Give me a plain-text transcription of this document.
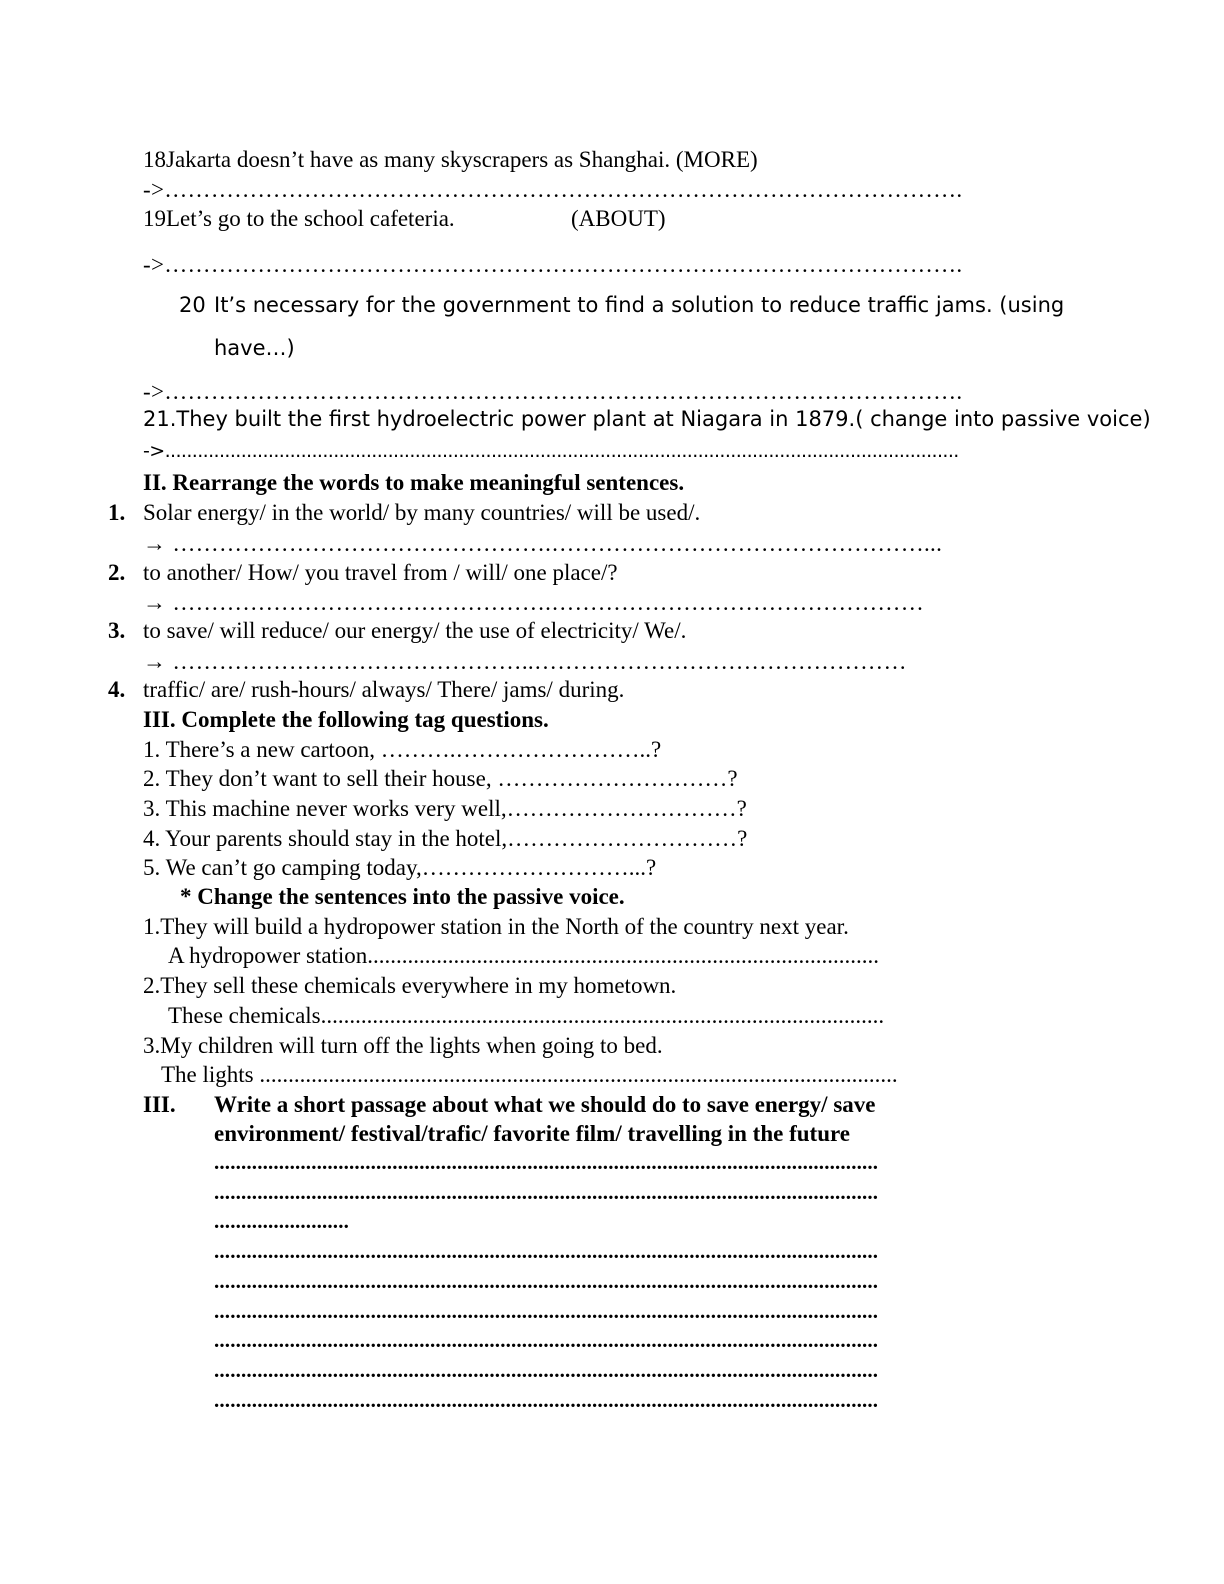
18Jakarta doesn’t have as many skyscrapers as Shanghai. (MORE)
->………………………………………………………………………………………….
19Let’s go to the school cafeteria.	(ABOUT)
->………………………………………………………………………………………….
20 It’s necessary for the government to find a solution to reduce traffic jams. (using
have…)
->………………………………………………………………………………………….
21.They built the first hydroelectric power plant at Niagara in 1879.( change into passive voice)
->..................................................................................................................................................
II. Rearrange the words to make meaningful sentences.
1. Solar energy/ in the world/ by many countries/ will be used/.
→ ………………………………………….…………………………………………...
2. to another/ How/ you travel from / will/ one place/?
→ ………………………………………….…………………………………………
3. to save/ will reduce/ our energy/ the use of electricity/ We/.
→ ………………………………………..…………………………………………
4. traffic/ are/ rush-hours/ always/ There/ jams/ during.
III. Complete the following tag questions.
1. There’s a new cartoon, ……….……………………..?
2. They don’t want to sell their house, …………………………?
3. This machine never works very well,…………………………?
4. Your parents should stay in the hotel,…………………………?
5. We can’t go camping today,………………………...?
* Change the sentences into the passive voice.
1.They will build a hydropower station in the North of the country next year.
A hydropower station.........................................................................................
2.They sell these chemicals everywhere in my hometown.
These chemicals..................................................................................................
3.My children will turn off the lights when going to bed.
The lights ...............................................................................................................
III. Write a short passage about what we should do to save energy/ save
environment/ festival/trafic/ favorite film/ travelling in the future
...........................................................................................................................
...........................................................................................................................
.........................
...........................................................................................................................
...........................................................................................................................
...........................................................................................................................
...........................................................................................................................
...........................................................................................................................
...........................................................................................................................
